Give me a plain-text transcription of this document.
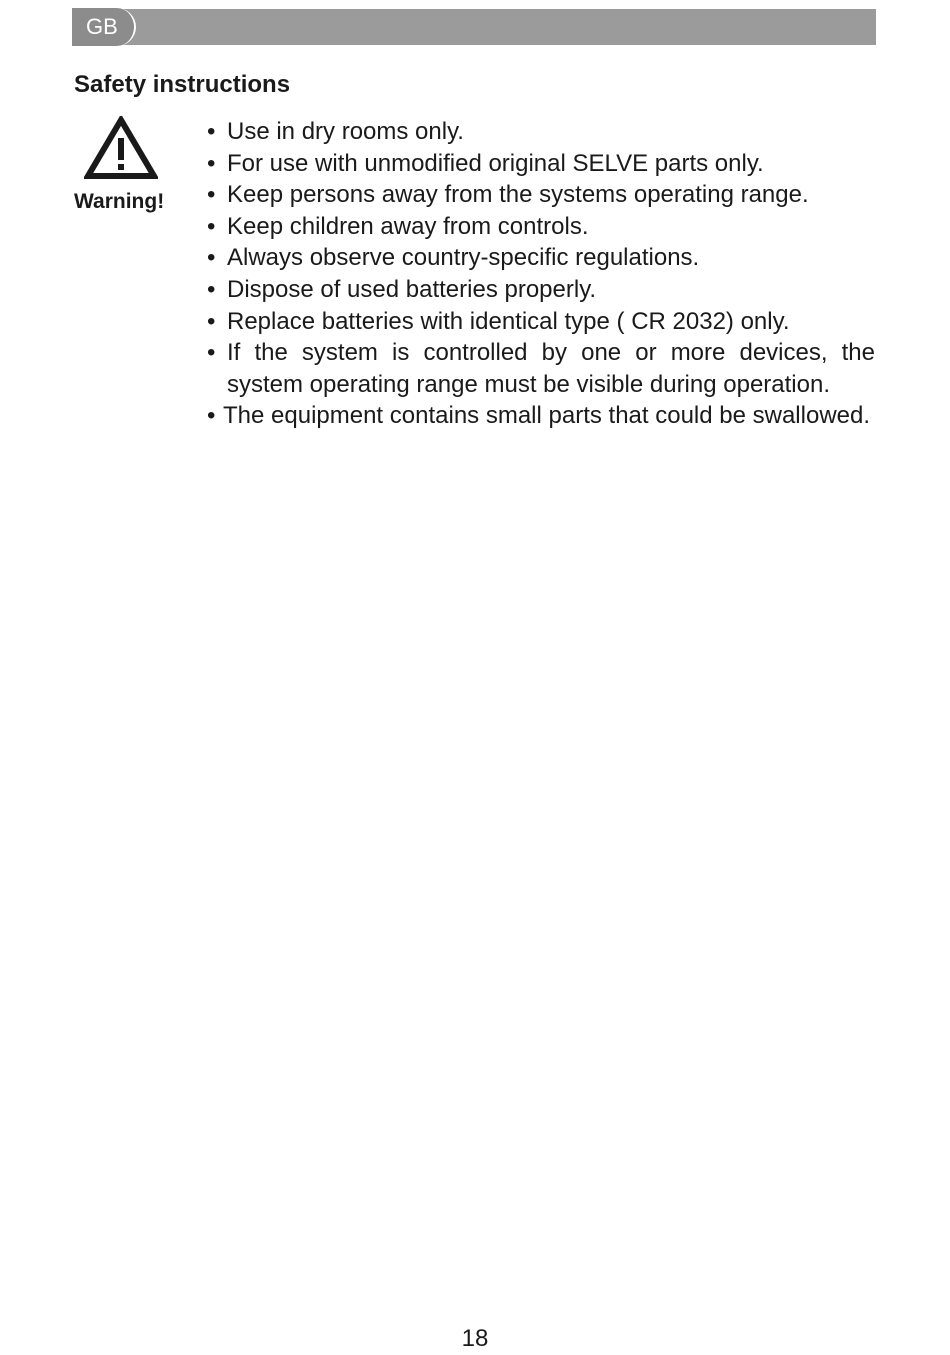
GB
Safety instructions
Warning!
• Use in dry rooms only.
• For use with unmodified original SELVE parts only.
• Keep persons away from the systems operating range.
• Keep children away from controls.
• Always observe country-specific regulations.
• Dispose of used batteries properly.
• Replace batteries with identical type ( CR 2032) only.
• If the system is controlled by one or more devices, the system operating range must be visible during operation.
• The equipment contains small parts that could be swallowed.
18
